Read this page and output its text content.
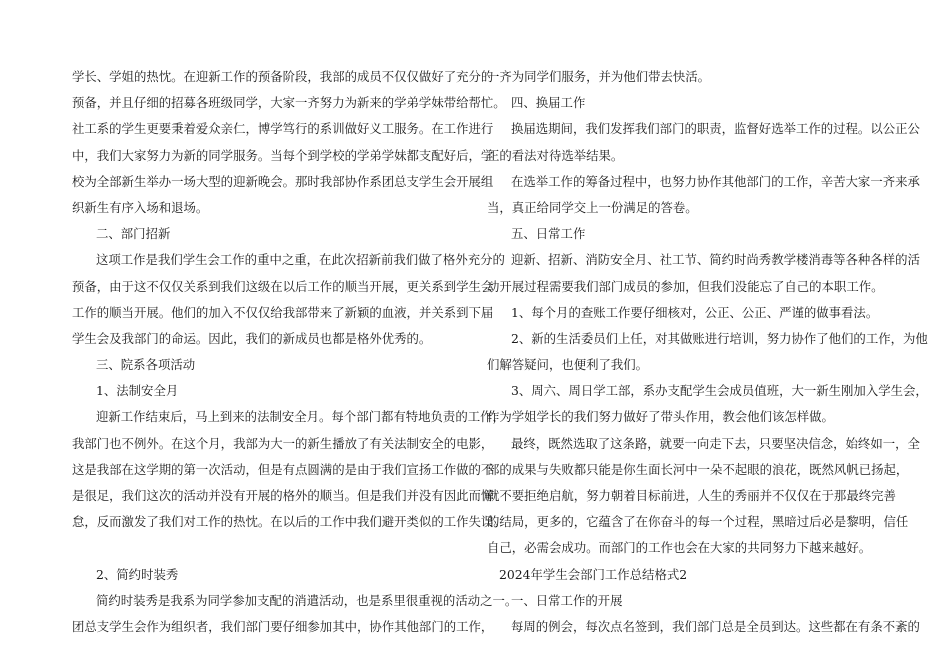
学长、学姐的热忱。在迎新工作的预备阶段，我部的成员不仅仅做好了充分的
预备，并且仔细的招募各班级同学，大家一齐努力为新来的学弟学妹带给帮忙。
社工系的学生更要秉着爱众亲仁，博学笃行的系训做好义工服务。在工作进行
中，我们大家努力为新的同学服务。当每个到学校的学弟学妹都支配好后，学
校为全部新生举办一场大型的迎新晚会。那时我部协作系团总支学生会开展组
织新生有序入场和退场。
二、部门招新
这项工作是我们学生会工作的重中之重，在此次招新前我们做了格外充分的
预备，由于这不仅仅关系到我们这级在以后工作的顺当开展，更关系到学生会
工作的顺当开展。他们的加入不仅仅给我部带来了新颖的血液，并关系到下届
学生会及我部门的命运。因此，我们的新成员也都是格外优秀的。
三、院系各项活动
1、法制安全月
迎新工作结束后，马上到来的法制安全月。每个部门都有特地负责的工作，
我部门也不例外。在这个月，我部为大一的新生播放了有关法制安全的电影，
这是我部在这学期的第一次活动，但是有点圆满的是由于我们宣扬工作做的不
是很足，我们这次的活动并没有开展的格外的顺当。但是我们并没有因此而懈
怠，反而激发了我们对工作的热忱。在以后的工作中我们避开类似的工作失误。
2、简约时装秀
简约时装秀是我系为同学参加支配的消遣活动，也是系里很重视的活动之一。
团总支学生会作为组织者，我们部门要仔细参加其中，协作其他部门的工作，
一齐为同学们服务，并为他们带去快活。
四、换届工作
换届选期间，我们发挥我们部门的职责，监督好选举工作的过程。以公正公
正的看法对待选举结果。
在选举工作的筹备过程中，也努力协作其他部门的工作，辛苦大家一齐来承
当，真正给同学交上一份满足的答卷。
五、日常工作
迎新、招新、消防安全月、社工节、简约时尚秀教学楼消毒等各种各样的活
动开展过程需要我们部门成员的参加，但我们没能忘了自己的本职工作。
1、每个月的查账工作要仔细核对，公正、公正、严谨的做事看法。
2、新的生活委员们上任，对其做账进行培训，努力协作了他们的工作，为他
们解答疑问，也便利了我们。
3、周六、周日学工部，系办支配学生会成员值班，大一新生刚加入学生会，
作为学姐学长的我们努力做好了带头作用，教会他们该怎样做。
最终，既然选取了这条路，就要一向走下去，只要坚决信念，始终如一，全
部的成果与失败都只能是你生面长河中一朵不起眼的浪花，既然风帆已扬起，
就不要拒绝启航，努力朝着目标前进，人生的秀丽并不仅仅在于那最终完善
的结局，更多的，它蕴含了在你奋斗的每一个过程，黑暗过后必是黎明，信任
自己，必需会成功。而部门的工作也会在大家的共同努力下越来越好。
2024年学生会部门工作总结格式2
一、日常工作的开展
每周的例会，每次点名签到，我们部门总是全员到达。这些都在有条不紊的
